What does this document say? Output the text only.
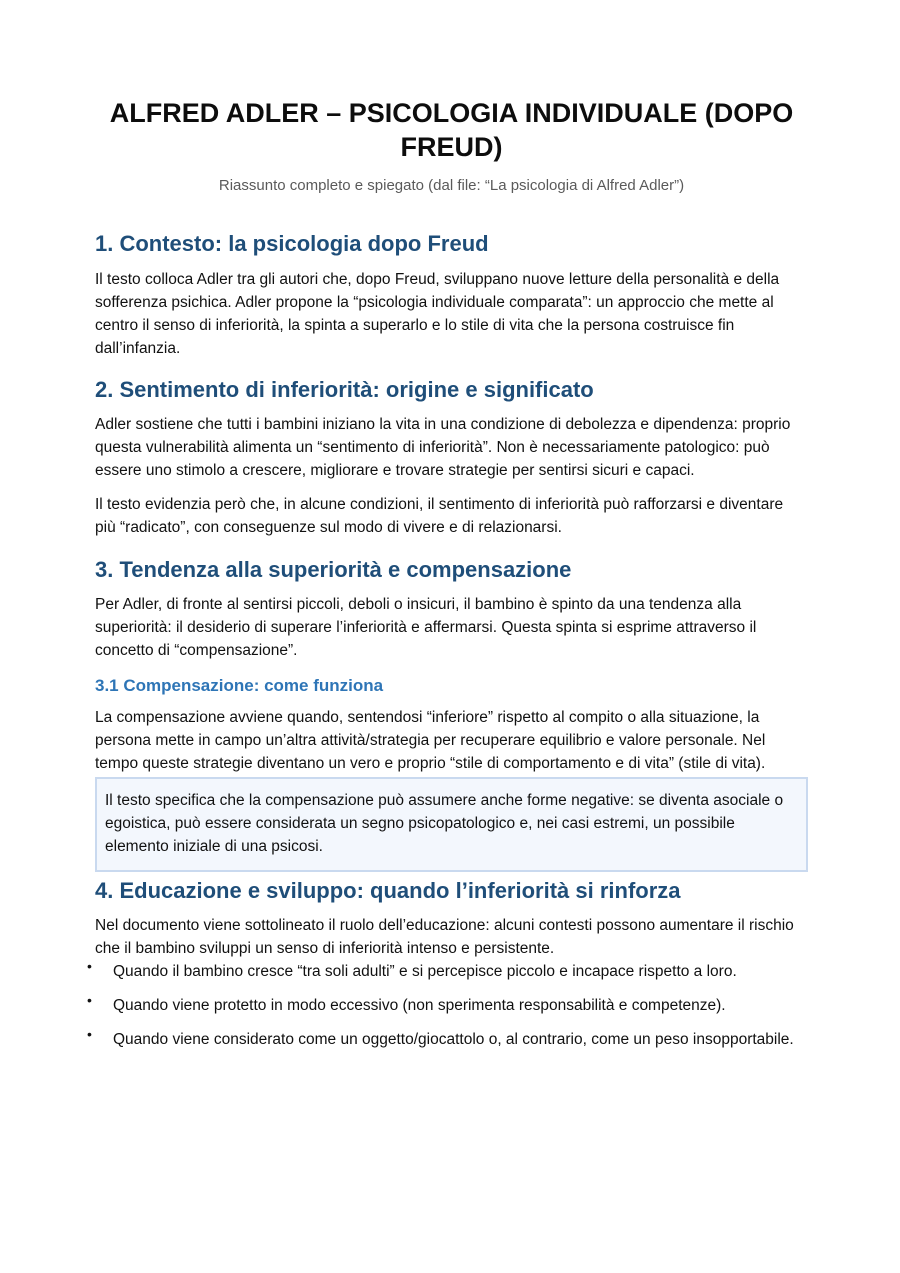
ALFRED ADLER – PSICOLOGIA INDIVIDUALE (DOPO FREUD)
Riassunto completo e spiegato (dal file: “La psicologia di Alfred Adler”)
1. Contesto: la psicologia dopo Freud

Il testo colloca Adler tra gli autori che, dopo Freud, sviluppano nuove letture della personalità e della sofferenza psichica. Adler propone la “psicologia individuale comparata”: un approccio che mette al centro il senso di inferiorità, la spinta a superarlo e lo stile di vita che la persona costruisce fin dall’infanzia.

2. Sentimento di inferiorità: origine e significato

Adler sostiene che tutti i bambini iniziano la vita in una condizione di debolezza e dipendenza: proprio questa vulnerabilità alimenta un “sentimento di inferiorità”. Non è necessariamente patologico: può essere uno stimolo a crescere, migliorare e trovare strategie per sentirsi sicuri e capaci.

Il testo evidenzia però che, in alcune condizioni, il sentimento di inferiorità può rafforzarsi e diventare più “radicato”, con conseguenze sul modo di vivere e di relazionarsi.

3. Tendenza alla superiorità e compensazione

Per Adler, di fronte al sentirsi piccoli, deboli o insicuri, il bambino è spinto da una tendenza alla superiorità: il desiderio di superare l’inferiorità e affermarsi. Questa spinta si esprime attraverso il concetto di “compensazione”.

3.1 Compensazione: come funziona

La compensazione avviene quando, sentendosi “inferiore” rispetto al compito o alla situazione, la persona mette in campo un’altra attività/strategia per recuperare equilibrio e valore personale. Nel tempo queste strategie diventano un vero e proprio “stile di comportamento e di vita” (stile di vita).

Il testo specifica che la compensazione può assumere anche forme negative: se diventa asociale o egoistica, può essere considerata un segno psicopatologico e, nei casi estremi, un possibile elemento iniziale di una psicosi.

4. Educazione e sviluppo: quando l’inferiorità si rinforza

Nel documento viene sottolineato il ruolo dell’educazione: alcuni contesti possono aumentare il rischio che il bambino sviluppi un senso di inferiorità intenso e persistente.

• Quando il bambino cresce “tra soli adulti” e si percepisce piccolo e incapace rispetto a loro.
• Quando viene protetto in modo eccessivo (non sperimenta responsabilità e competenze).
• Quando viene considerato come un oggetto/giocattolo o, al contrario, come un peso insopportabile.
